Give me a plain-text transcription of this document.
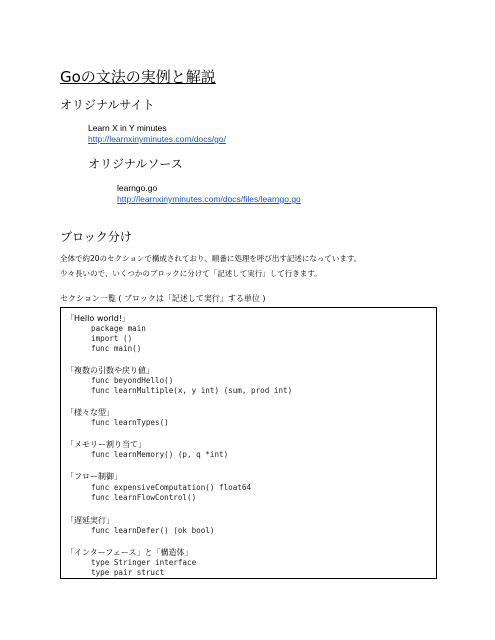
Goの文法の実例と解説
オリジナルサイト
Learn X in Y minutes
http://learnxinyminutes.com/docs/go/
オリジナルソース
learngo.go
http://learnxinyminutes.com/docs/files/learngo.go
ブロック分け
全体で約20のセクションで構成されており、順番に処理を呼び出す記述になっています。
少々長いので、いくつかのブロックに分けて「記述して実行」して行きます。
セクション一覧 ( ブロックは「記述して実行」する単位 )
「Hello world!」
package main
import ()
func main()
「複数の引数や戻り値」
func beyondHello()
func learnMultiple(x, y int) (sum, prod int)
「様々な型」
func learnTypes()
「メモリー割り当て」
func learnMemory() (p, q *int)
「フロー制御」
func expensiveComputation() float64
func learnFlowControl()
「遅延実行」
func learnDefer() (ok bool)
「インターフェース」と「構造体」
type Stringer interface
type pair struct
